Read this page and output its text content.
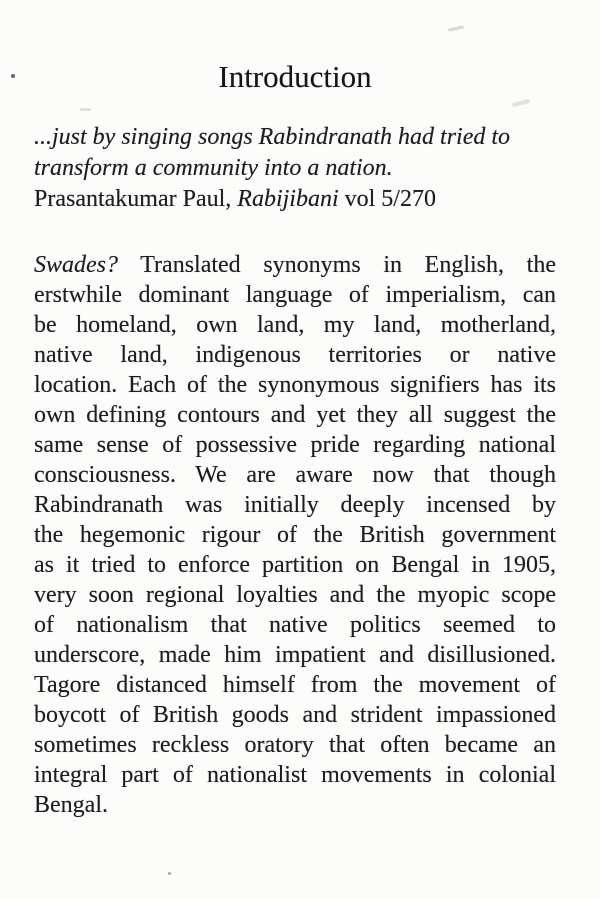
Introduction
...just by singing songs Rabindranath had tried to
transform a community into a nation.
Prasantakumar Paul, Rabijibani vol 5/270
Swades? Translated synonyms in English, the
erstwhile dominant language of imperialism, can
be homeland, own land, my land, motherland,
native land, indigenous territories or native
location. Each of the synonymous signifiers has its
own defining contours and yet they all suggest the
same sense of possessive pride regarding national
consciousness. We are aware now that though
Rabindranath was initially deeply incensed by
the hegemonic rigour of the British government
as it tried to enforce partition on Bengal in 1905,
very soon regional loyalties and the myopic scope
of nationalism that native politics seemed to
underscore, made him impatient and disillusioned.
Tagore distanced himself from the movement of
boycott of British goods and strident impassioned
sometimes reckless oratory that often became an
integral part of nationalist movements in colonial
Bengal.
